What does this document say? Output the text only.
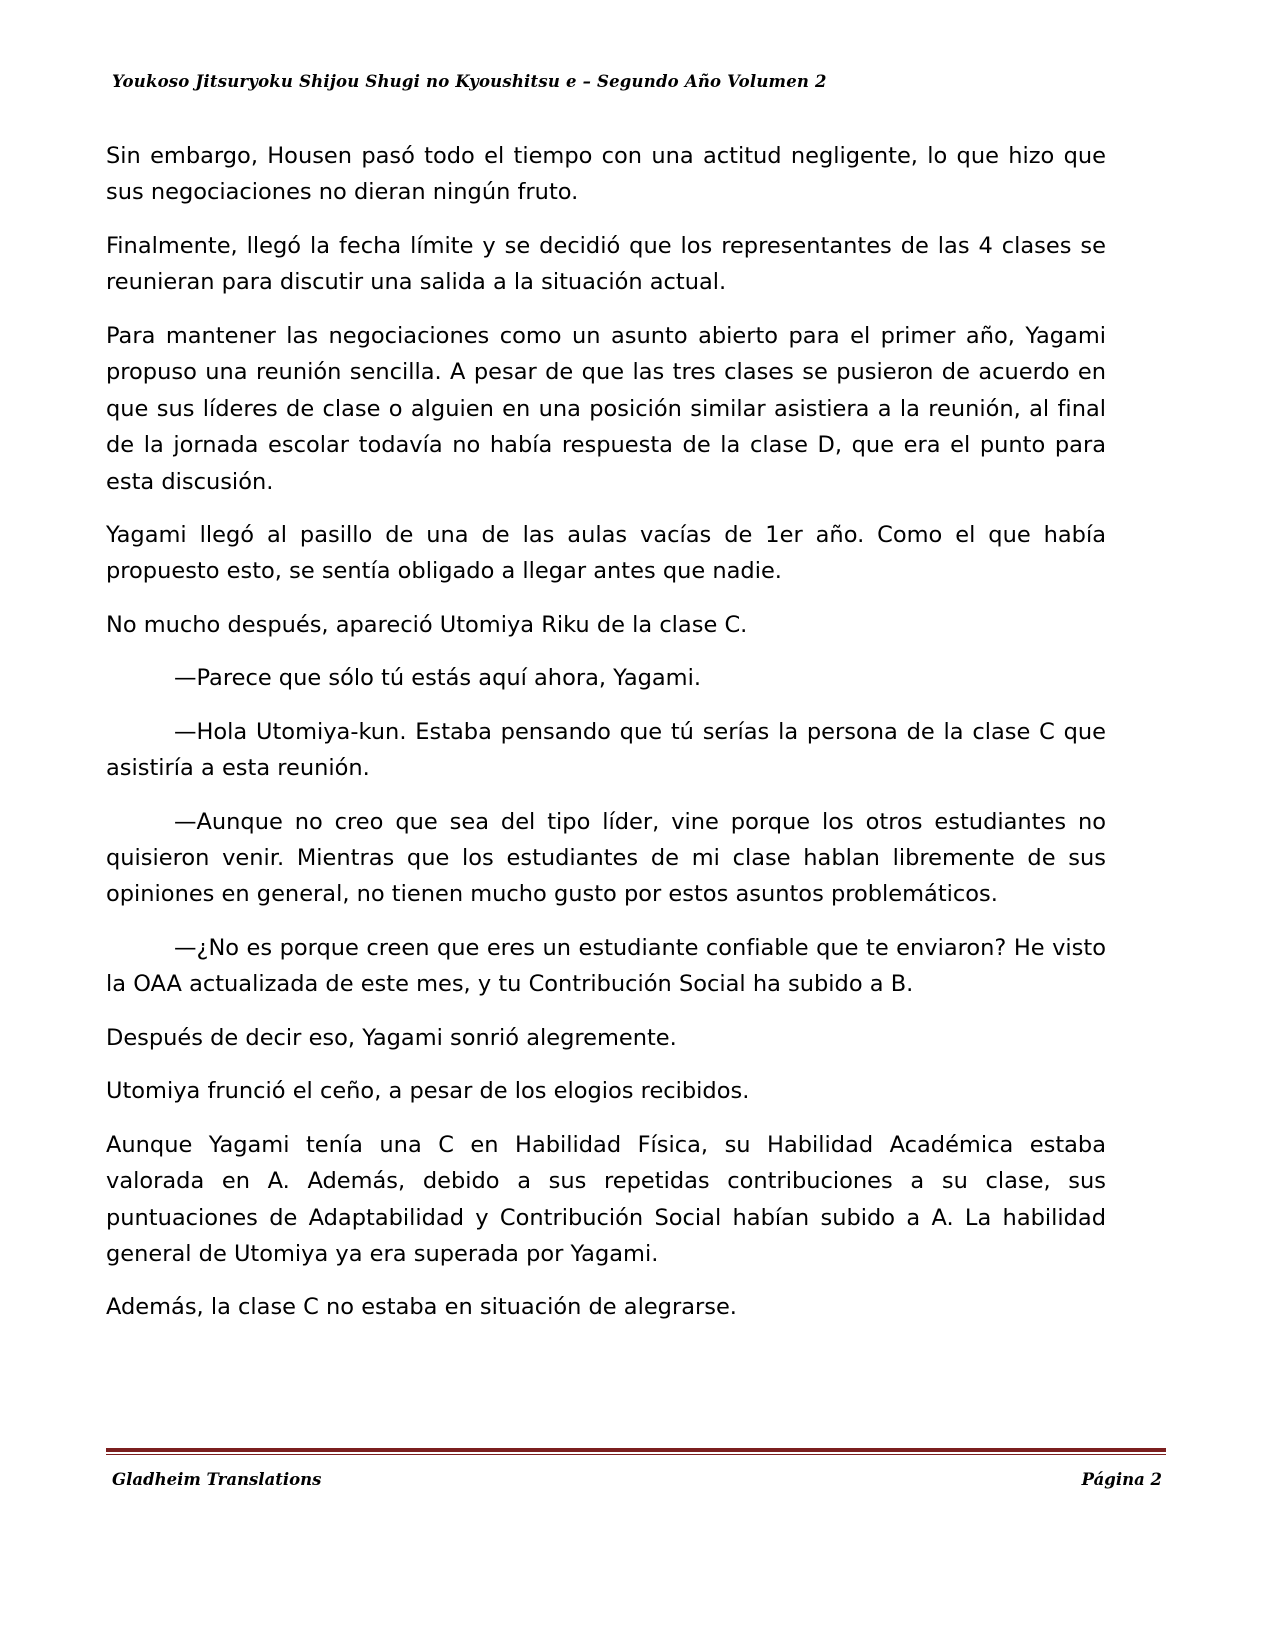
Youkoso Jitsuryoku Shijou Shugi no Kyoushitsu e – Segundo Año Volumen 2

Sin embargo, Housen pasó todo el tiempo con una actitud negligente, lo que hizo que sus negociaciones no dieran ningún fruto.

Finalmente, llegó la fecha límite y se decidió que los representantes de las 4 clases se reunieran para discutir una salida a la situación actual.

Para mantener las negociaciones como un asunto abierto para el primer año, Yagami propuso una reunión sencilla. A pesar de que las tres clases se pusieron de acuerdo en que sus líderes de clase o alguien en una posición similar asistiera a la reunión, al final de la jornada escolar todavía no había respuesta de la clase D, que era el punto para esta discusión.

Yagami llegó al pasillo de una de las aulas vacías de 1er año. Como el que había propuesto esto, se sentía obligado a llegar antes que nadie.

No mucho después, apareció Utomiya Riku de la clase C.

—Parece que sólo tú estás aquí ahora, Yagami.

—Hola Utomiya-kun. Estaba pensando que tú serías la persona de la clase C que asistiría a esta reunión.

—Aunque no creo que sea del tipo líder, vine porque los otros estudiantes no quisieron venir. Mientras que los estudiantes de mi clase hablan libremente de sus opiniones en general, no tienen mucho gusto por estos asuntos problemáticos.

—¿No es porque creen que eres un estudiante confiable que te enviaron? He visto la OAA actualizada de este mes, y tu Contribución Social ha subido a B.

Después de decir eso, Yagami sonrió alegremente.

Utomiya frunció el ceño, a pesar de los elogios recibidos.

Aunque Yagami tenía una C en Habilidad Física, su Habilidad Académica estaba valorada en A. Además, debido a sus repetidas contribuciones a su clase, sus puntuaciones de Adaptabilidad y Contribución Social habían subido a A. La habilidad general de Utomiya ya era superada por Yagami.

Además, la clase C no estaba en situación de alegrarse.

Gladheim Translations	Página 2
